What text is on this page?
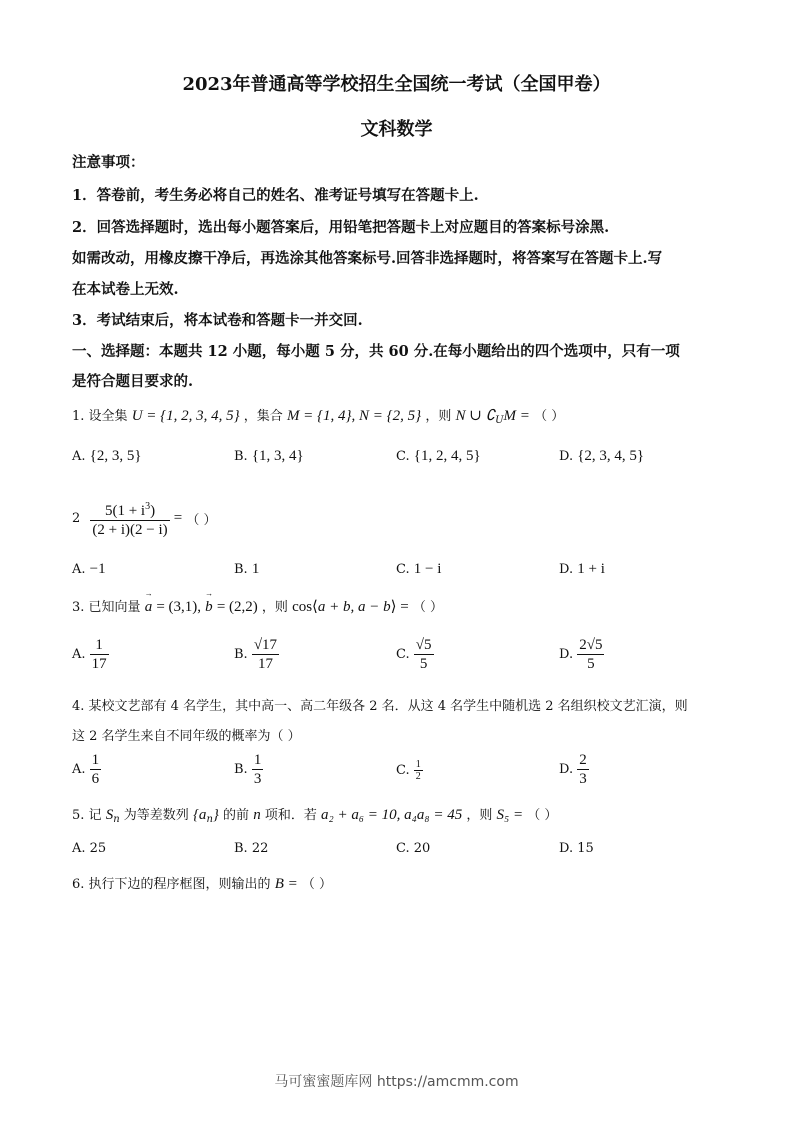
2023年普通高等学校招生全国统一考试（全国甲卷）
文科数学
注意事项：
1．答卷前，考生务必将自己的姓名、准考证号填写在答题卡上.
2．回答选择题时，选出每小题答案后，用铅笔把答题卡上对应题目的答案标号涂黑.
如需改动，用橡皮擦干净后，再选涂其他答案标号.回答非选择题时，将答案写在答题卡上.写
在本试卷上无效.
3．考试结束后，将本试卷和答题卡一并交回.
一、选择题：本题共 12 小题，每小题 5 分，共 60 分.在每小题给出的四个选项中，只有一项
是符合题目要求的.
1. 设全集 U = {1, 2, 3, 4, 5} ，集合 M = {1, 4}, N = {2, 5} ，则 N ∪ $∁_UM$ = （ ）
A. {2, 3, 5}	B. {1, 3, 4}	C. {1, 2, 4, 5}	D. {2, 3, 4, 5}
$2 \frac{5(1 + i^3)}{(2 + i)(2 - i)}$ = （ ）
A. −1	B. 1	C. 1 − i	D. 1 + i
3. 已知向量 → a = (3,1), → b = (2,2) ，则 cos⟨a + b, a − b⟩ = （ ）
A. $\frac{1}{17}$	B. $\frac{√17}{17}$	C. $\frac{√5}{5}$	D. $\frac{2√5}{5}$
4. 某校文艺部有 4 名学生，其中高一、高二年级各 2 名．从这 4 名学生中随机选 2 名组织校文艺汇演，则
这 2 名学生来自不同年级的概率为（ ）
A. $\frac{1}{6}$	B. $\frac{1}{3}$	C. $\frac{1}{2}$	D. $\frac{2}{3}$
5. 记 $S_n$ 为等差数列 $\{a_n\}$ 的前 n 项和．若 a₂ + a₆ = 10, a₄a₈ = 45 ，则 S₅ = （ ）
A. 25	B. 22	C. 20	D. 15
6. 执行下边的程序框图，则输出的 B = （ ）
马可蜜蜜题库网 https://amcmm.com
